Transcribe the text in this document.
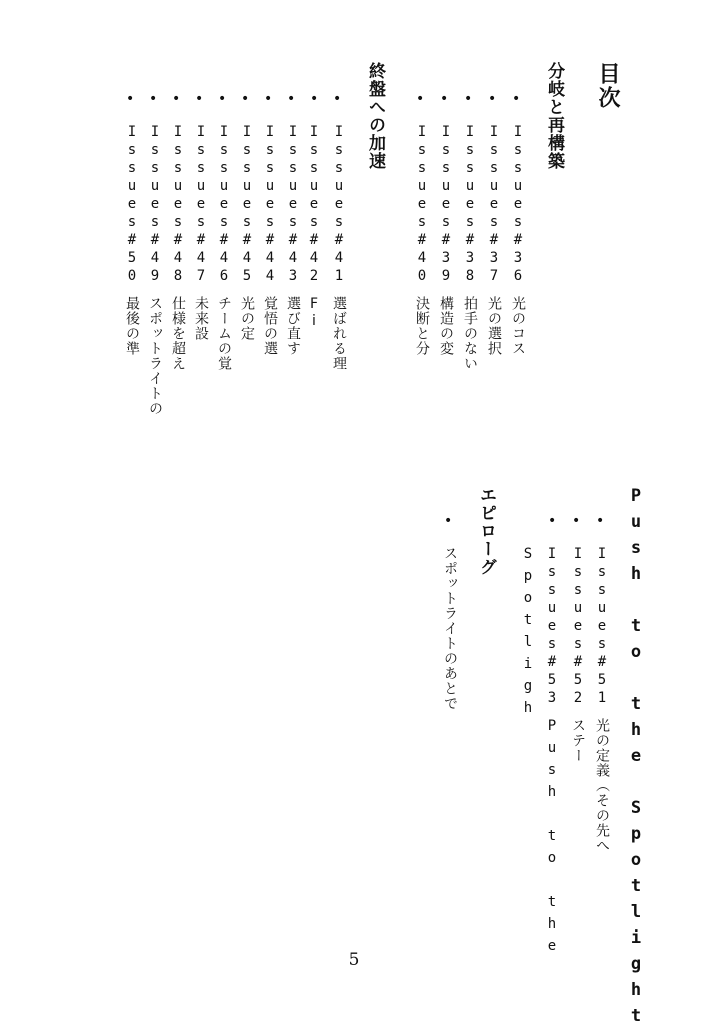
目次
分岐と再構築
•
Issues#36光のコス
•
Issues#37光の選択
•
Issues#38拍手のない
•
Issues#39構造の変
•
Issues#40決断と分
終盤への加速
•
Issues#41選ばれる理
•
Issues#42Fi
•
Issues#43選び直す
•
Issues#44覚悟の選
•
Issues#45光の定
•
Issues#46チームの覚
•
Issues#47未来設
•
Issues#48仕様を超え
•
Issues#49スポットライトの
•
Issues#50最後の準
Push to the Spotlight
•
Issues#51光の定義（その先へ
•
Issues#52ステー
•
Issues#53Push to the
Spotligh
エピローグ
•
スポットライトのあとで
5
